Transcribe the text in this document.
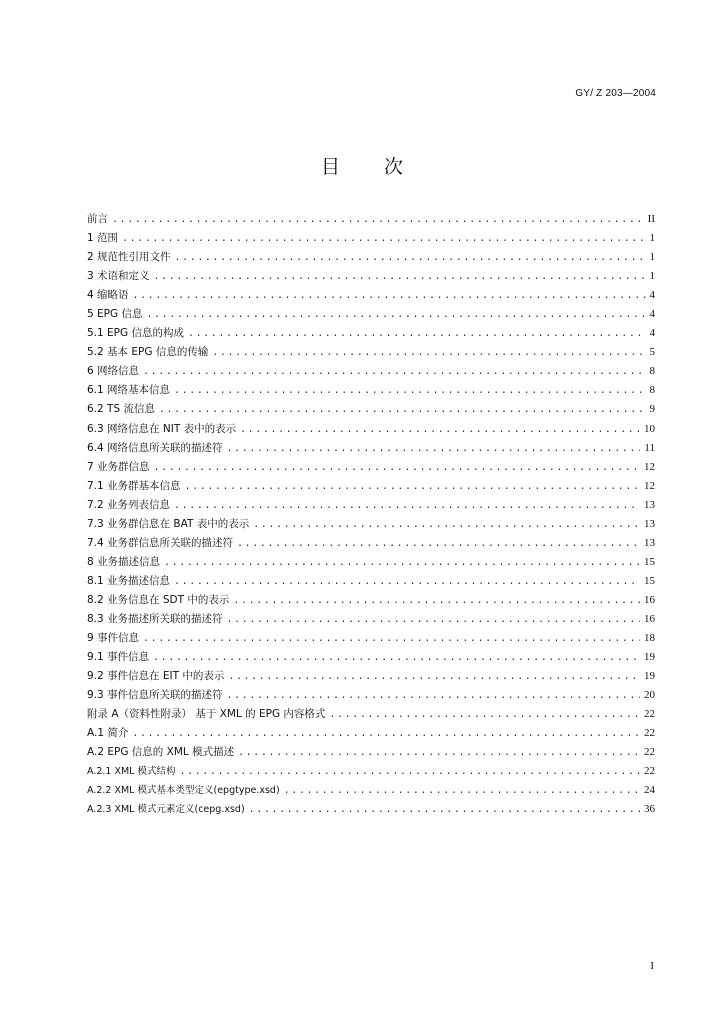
GY/ Z 203—2004
目 次
前言 .....	II
1 范围 .....	1
2 规范性引用文件 .....	1
3 术语和定义 .....	1
4 缩略语 .....	4
5 EPG 信息 .....	4
5.1 EPG 信息的构成 .....	4
5.2 基本 EPG 信息的传输 .....	5
6 网络信息 .....	8
6.1 网络基本信息 .....	8
6.2 TS 流信息 .....	9
6.3 网络信息在 NIT 表中的表示 .....	10
6.4 网络信息所关联的描述符 .....	11
7 业务群信息 .....	12
7.1 业务群基本信息 .....	12
7.2 业务列表信息 .....	13
7.3 业务群信息在 BAT 表中的表示 .....	13
7.4 业务群信息所关联的描述符 .....	13
8 业务描述信息 .....	15
8.1 业务描述信息 .....	15
8.2 业务信息在 SDT 中的表示 .....	16
8.3 业务描述所关联的描述符 .....	16
9 事件信息 .....	18
9.1 事件信息 .....	19
9.2 事件信息在 EIT 中的表示 .....	19
9.3 事件信息所关联的描述符 .....	20
附录 A（资料性附录） 基于 XML 的 EPG 内容格式 .....	22
A.1 简介 .....	22
A.2 EPG 信息的 XML 模式描述 .....	22
A.2.1 XML 模式结构 .....	22
A.2.2 XML 模式基本类型定义(epgtype.xsd) .....	24
A.2.3 XML 模式元素定义(cepg.xsd) .....	36
I
